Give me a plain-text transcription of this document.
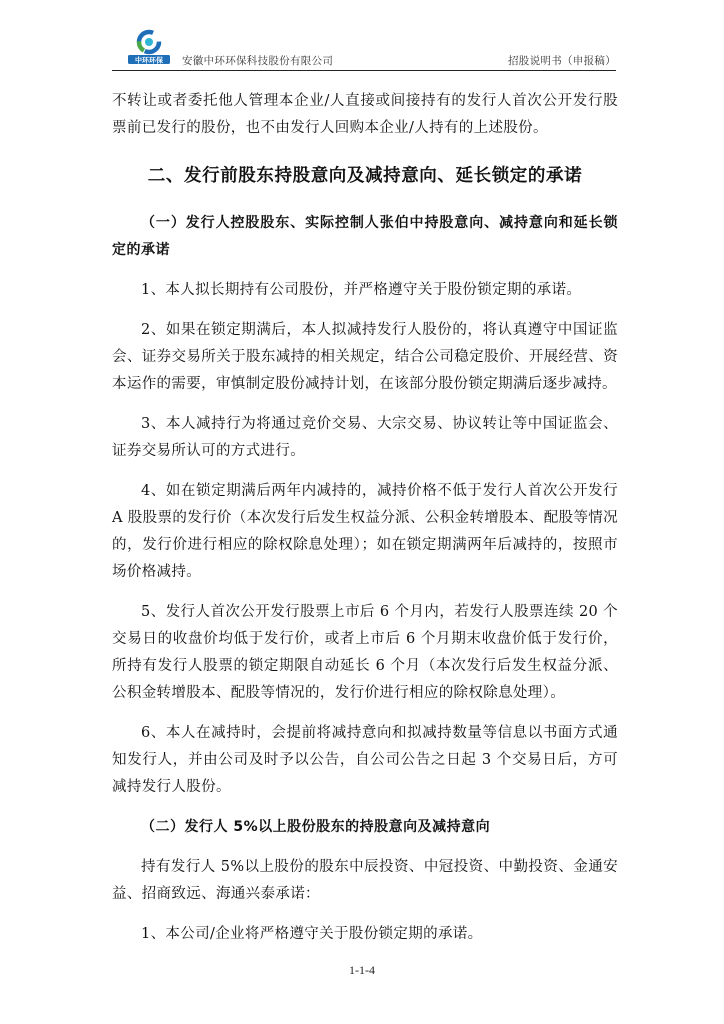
中环环保 安徽中环环保科技股份有限公司	招股说明书（申报稿）

不转让或者委托他人管理本企业/人直接或间接持有的发行人首次公开发行股票前已发行的股份，也不由发行人回购本企业/人持有的上述股份。

二、发行前股东持股意向及减持意向、延长锁定的承诺

（一）发行人控股股东、实际控制人张伯中持股意向、减持意向和延长锁定的承诺

1、本人拟长期持有公司股份，并严格遵守关于股份锁定期的承诺。

2、如果在锁定期满后，本人拟减持发行人股份的，将认真遵守中国证监会、证券交易所关于股东减持的相关规定，结合公司稳定股价、开展经营、资本运作的需要，审慎制定股份减持计划，在该部分股份锁定期满后逐步减持。

3、本人减持行为将通过竞价交易、大宗交易、协议转让等中国证监会、证券交易所认可的方式进行。

4、如在锁定期满后两年内减持的，减持价格不低于发行人首次公开发行 A 股股票的发行价（本次发行后发生权益分派、公积金转增股本、配股等情况的，发行价进行相应的除权除息处理）；如在锁定期满两年后减持的，按照市场价格减持。

5、发行人首次公开发行股票上市后 6 个月内，若发行人股票连续 20 个交易日的收盘价均低于发行价，或者上市后 6 个月期末收盘价低于发行价，所持有发行人股票的锁定期限自动延长 6 个月（本次发行后发生权益分派、公积金转增股本、配股等情况的，发行价进行相应的除权除息处理）。

6、本人在减持时，会提前将减持意向和拟减持数量等信息以书面方式通知发行人，并由公司及时予以公告，自公司公告之日起 3 个交易日后，方可减持发行人股份。

（二）发行人 5%以上股份股东的持股意向及减持意向

持有发行人 5%以上股份的股东中辰投资、中冠投资、中勤投资、金通安益、招商致远、海通兴泰承诺：

1、本公司/企业将严格遵守关于股份锁定期的承诺。

1-1-4
